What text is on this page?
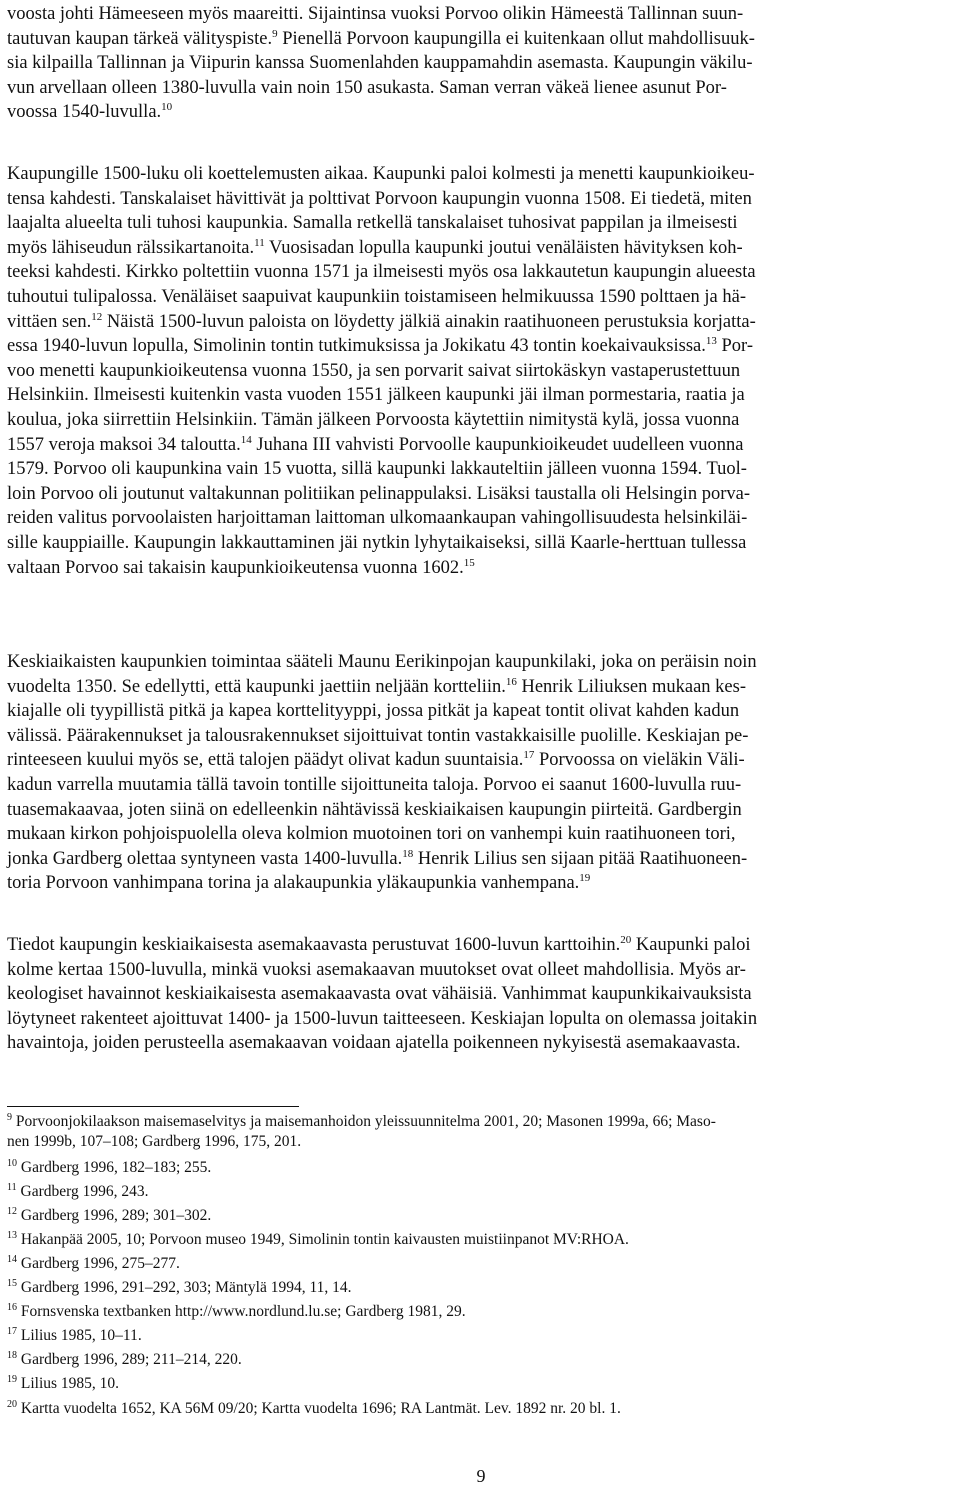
voosta johti Hämeeseen myös maareitti. Sijaintinsa vuoksi Porvoo olikin Hämeestä Tallinnan suun-
tautuvan kaupan tärkeä välityspiste.$^9$ Pienellä Porvoon kaupungilla ei kuitenkaan ollut mahdollisuuk-
sia kilpailla Tallinnan ja Viipurin kanssa Suomenlahden kauppamahdin asemasta. Kaupungin väkilu-
vun arvellaan olleen 1380-luvulla vain noin 150 asukasta. Saman verran väkeä lienee asunut Por-
voossa 1540-luvulla.$^{10}$

Kaupungille 1500-luku oli koettelemusten aikaa. Kaupunki paloi kolmesti ja menetti kaupunkioikeu-
tensa kahdesti. Tanskalaiset hävittivät ja polttivat Porvoon kaupungin vuonna 1508. Ei tiedetä, miten
laajalta alueelta tuli tuhosi kaupunkia. Samalla retkellä tanskalaiset tuhosivat pappilan ja ilmeisesti
myös lähiseudun rälssikartanoita.$^{11}$ Vuosisadan lopulla kaupunki joutui venäläisten hävityksen koh-
teeksi kahdesti. Kirkko poltettiin vuonna 1571 ja ilmeisesti myös osa lakkautetun kaupungin alueesta
tuhoutui tulipalossa. Venäläiset saapuivat kaupunkiin toistamiseen helmikuussa 1590 polttaen ja hä-
vittäen sen.$^{12}$ Näistä 1500-luvun paloista on löydetty jälkiä ainakin raatihuoneen perustuksia korjatta-
essa 1940-luvun lopulla, Simolinin tontin tutkimuksissa ja Jokikatu 43 tontin koekaivauksissa.$^{13}$ Por-
voo menetti kaupunkioikeutensa vuonna 1550, ja sen porvarit saivat siirtokäskyn vastaperustettuun
Helsinkiin. Ilmeisesti kuitenkin vasta vuoden 1551 jälkeen kaupunki jäi ilman pormestaria, raatia ja
koulua, joka siirrettiin Helsinkiin. Tämän jälkeen Porvoosta käytettiin nimitystä kylä, jossa vuonna
1557 veroja maksoi 34 taloutta.$^{14}$ Juhana III vahvisti Porvoolle kaupunkioikeudet uudelleen vuonna
1579. Porvoo oli kaupunkina vain 15 vuotta, sillä kaupunki lakkauteltiin jälleen vuonna 1594. Tuol-
loin Porvoo oli joutunut valtakunnan politiikan pelinappulaksi. Lisäksi taustalla oli Helsingin porva-
reiden valitus porvoolaisten harjoittaman laittoman ulkomaankaupan vahingollisuudesta helsinkiläi-
sille kauppiaille. Kaupungin lakkauttaminen jäi nytkin lyhytaikaiseksi, sillä Kaarle-herttuan tullessa
valtaan Porvoo sai takaisin kaupunkioikeutensa vuonna 1602.15

Keskiaikaisten kaupunkien toimintaa sääteli Maunu Eerikinpojan kaupunkilaki, joka on peräisin noin
vuodelta 1350. Se edellytti, että kaupunki jaettiin neljään kortteliin.$^{16}$ Henrik Liliuksen mukaan kes-
kiajalle oli tyypillistä pitkä ja kapea korttelityyppi, jossa pitkät ja kapeat tontit olivat kahden kadun
välissä. Päärakennukset ja talousrakennukset sijoittuivat tontin vastakkaisille puolille. Keskiajan pe-
rinteeseen kuului myös se, että talojen päädyt olivat kadun suuntaisia.$^{17}$ Porvoossa on vieläkin Väli-
kadun varrella muutamia tällä tavoin tontille sijoittuneita taloja. Porvoo ei saanut 1600-luvulla ruu-
tuasemakaavaa, joten siinä on edelleenkin nähtävissä keskiaikaisen kaupungin piirteitä. Gardbergin
mukaan kirkon pohjoispuolella oleva kolmion muotoinen tori on vanhempi kuin raatihuoneen tori,
jonka Gardberg olettaa syntyneen vasta 1400-luvulla.$^{18}$ Henrik Lilius sen sijaan pitää Raatihuoneen-
toria Porvoon vanhimpana torina ja alakaupunkia yläkaupunkia vanhempana.$^{19}$

Tiedot kaupungin keskiaikaisesta asemakaavasta perustuvat 1600-luvun karttoihin.$^{20}$ Kaupunki paloi
kolme kertaa 1500-luvulla, minkä vuoksi asemakaavan muutokset ovat olleet mahdollisia. Myös ar-
keologiset havainnot keskiaikaisesta asemakaavasta ovat vähäisiä. Vanhimmat kaupunkikaivauksista
löytyneet rakenteet ajoittuvat 1400- ja 1500-luvun taitteeseen. Keskiajan lopulta on olemassa joitakin
havaintoja, joiden perusteella asemakaavan voidaan ajatella poikenneen nykyisestä asemakaavasta.

$^9$ Porvoonjokilaakson maisemaselvitys ja maisemanhoidon yleissuunnitelma 2001, 20; Masonen 1999a, 66; Maso-
nen 1999b, 107–108; Gardberg 1996, 175, 201.
$^{10}$ Gardberg 1996, 182–183; 255.
$^{11}$ Gardberg 1996, 243.
$^{12}$ Gardberg 1996, 289; 301–302.
$^{13}$ Hakanpää 2005, 10; Porvoon museo 1949, Simolinin tontin kaivausten muistiinpanot MV:RHOA.
$^{14}$ Gardberg 1996, 275–277.
$^{15}$ Gardberg 1996, 291–292, 303; Mäntylä 1994, 11, 14.
$^{16}$ Fornsvenska textbanken http://www.nordlund.lu.se; Gardberg 1981, 29.
$^{17}$ Lilius 1985, 10–11.
$^{18}$ Gardberg 1996, 289; 211–214, 220.
$^{19}$ Lilius 1985, 10.
$^{20}$ Kartta vuodelta 1652, KA 56M 09/20; Kartta vuodelta 1696; RA Lantmät. Lev. 1892 nr. 20 bl. 1.
9
